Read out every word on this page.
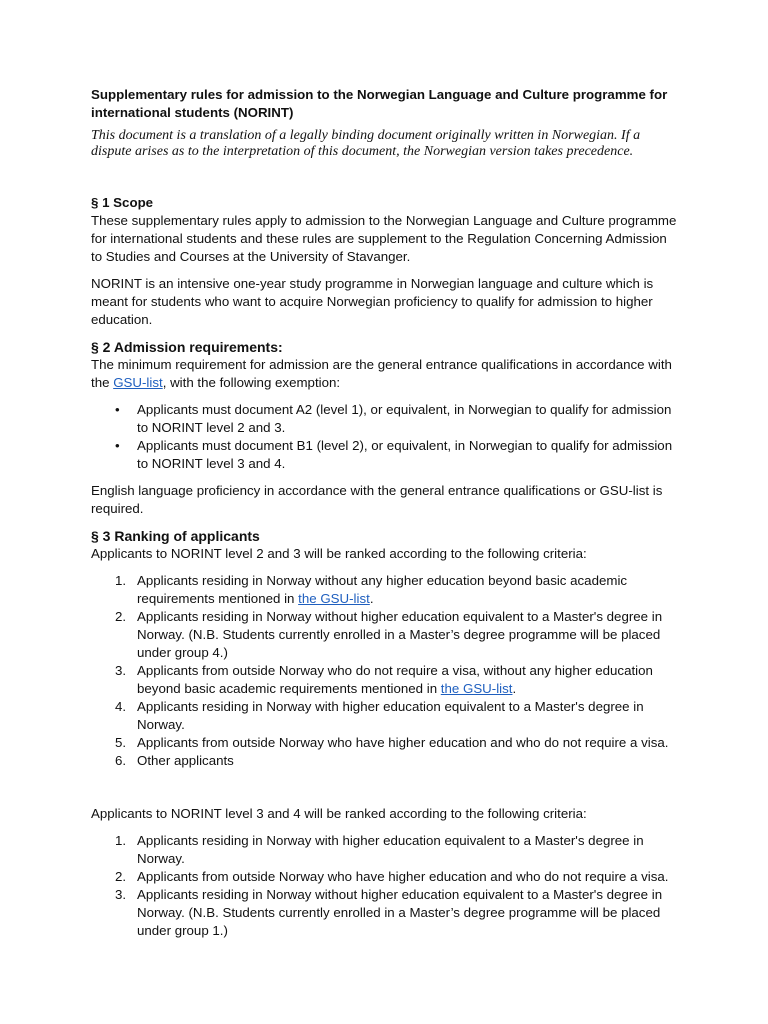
Supplementary rules for admission to the Norwegian Language and Culture programme for international students (NORINT)
This document is a translation of a legally binding document originally written in Norwegian. If a dispute arises as to the interpretation of this document, the Norwegian version takes precedence.
§ 1 Scope

These supplementary rules apply to admission to the Norwegian Language and Culture programme for international students and these rules are supplement to the Regulation Concerning Admission to Studies and Courses at the University of Stavanger.

NORINT is an intensive one-year study programme in Norwegian language and culture which is meant for students who want to acquire Norwegian proficiency to qualify for admission to higher education.

§ 2 Admission requirements:

The minimum requirement for admission are the general entrance qualifications in accordance with the GSU-list, with the following exemption:

• Applicants must document A2 (level 1), or equivalent, in Norwegian to qualify for admission to NORINT level 2 and 3.
• Applicants must document B1 (level 2), or equivalent, in Norwegian to qualify for admission to NORINT level 3 and 4.

English language proficiency in accordance with the general entrance qualifications or GSU-list is required.

§ 3 Ranking of applicants

Applicants to NORINT level 2 and 3 will be ranked according to the following criteria:

1. Applicants residing in Norway without any higher education beyond basic academic requirements mentioned in the GSU-list.
2. Applicants residing in Norway without higher education equivalent to a Master's degree in Norway. (N.B. Students currently enrolled in a Master’s degree programme will be placed under group 4.)
3. Applicants from outside Norway who do not require a visa, without any higher education beyond basic academic requirements mentioned in the GSU-list.
4. Applicants residing in Norway with higher education equivalent to a Master's degree in Norway.
5. Applicants from outside Norway who have higher education and who do not require a visa.
6. Other applicants

Applicants to NORINT level 3 and 4 will be ranked according to the following criteria:

1. Applicants residing in Norway with higher education equivalent to a Master's degree in Norway.
2. Applicants from outside Norway who have higher education and who do not require a visa.
3. Applicants residing in Norway without higher education equivalent to a Master's degree in Norway. (N.B. Students currently enrolled in a Master’s degree programme will be placed under group 1.)
